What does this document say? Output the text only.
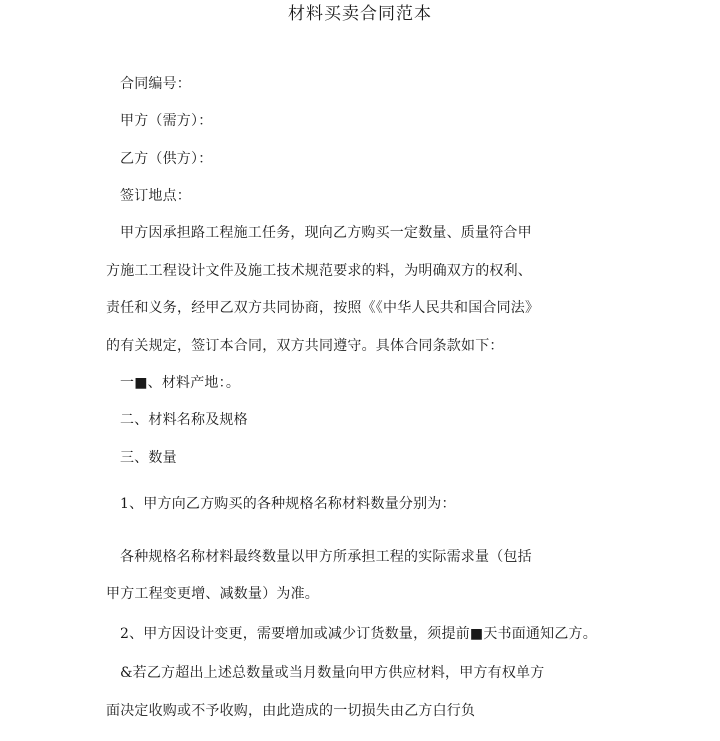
材料买卖合同范本
合同编号：
甲方（需方）：
乙方（供方）：
签订地点：
甲方因承担路工程施工任务，现向乙方购买一定数量、质量符合甲
方施工工程设计文件及施工技术规范要求的料，为明确双方的权利、
责任和义务，经甲乙双方共同协商，按照《《中华人民共和国合同法》
的有关规定，签订本合同，双方共同遵守。具体合同条款如下：
一■、材料产地：。
二、材料名称及规格
三、数量
1、甲方向乙方购买的各种规格名称材料数量分别为：
各种规格名称材料最终数量以甲方所承担工程的实际需求量（包括
甲方工程变更增、减数量）为准。
2、甲方因设计变更，需要增加或减少订货数量，须提前■天书面通知乙方。
&若乙方超出上述总数量或当月数量向甲方供应材料，甲方有权单方
面决定收购或不予收购，由此造成的一切损失由乙方白行负
